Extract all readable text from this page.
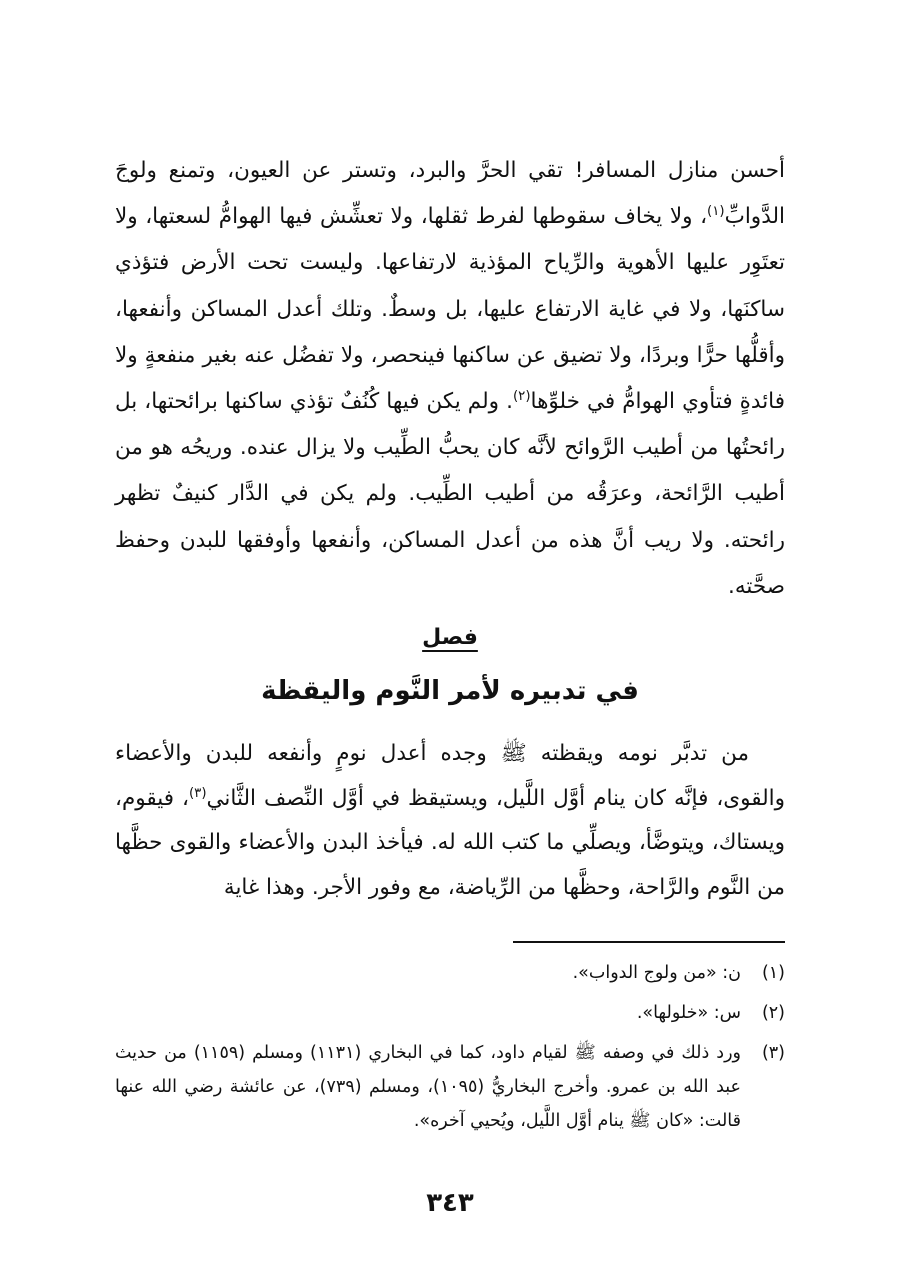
أحسن منازل المسافر! تقي الحرَّ والبرد، وتستر عن العيون، وتمنع ولوجَ الدَّوابِّ$^{(١)}$، ولا يخاف سقوطها لفرط ثقلها، ولا تعشِّش فيها الهوامُّ لسعتها، ولا تعتَوِر عليها الأهوية والرِّياح المؤذية لارتفاعها. وليست تحت الأرض فتؤذي ساكنَها، ولا في غاية الارتفاع عليها، بل وسطٌ. وتلك أعدل المساكن وأنفعها، وأقلُّها حرًّا وبردًا، ولا تضيق عن ساكنها فينحصر، ولا تفضُل عنه بغير منفعةٍ ولا فائدةٍ فتأوي الهوامُّ في خلوِّها$^{(٢)}$. ولم يكن فيها كُنُفٌ تؤذي ساكنها برائحتها، بل رائحتُها من أطيب الرَّوائح لأنَّه كان يحبُّ الطِّيب ولا يزال عنده. وريحُه هو من أطيب الرَّائحة، وعرَقُه من أطيب الطِّيب. ولم يكن في الدَّار كنيفٌ تظهر رائحته. ولا ريب أنَّ هذه من أعدل المساكن، وأنفعها وأوفقها للبدن وحفظ صحَّته.

فصل
في تدبيره لأمر النَّوم واليقظة

من تدبَّر نومه ويقظته ﷺ وجده أعدل نومٍ وأنفعه للبدن والأعضاء والقوى، فإنَّه كان ينام أوَّل اللَّيل، ويستيقظ في أوَّل النِّصف الثَّاني$^{(٣)}$، فيقوم، ويستاك، ويتوضَّأ، ويصلِّي ما كتب الله له. فيأخذ البدن والأعضاء والقوى حظَّها من النَّوم والرَّاحة، وحظَّها من الرِّياضة، مع وفور الأجر. وهذا غاية

(١)
ن: «من ولوج الدواب».
(٢)
س: «خلولها».
(٣)
ورد ذلك في وصفه ﷺ لقيام داود، كما في البخاري (١١٣١) ومسلم (١١٥٩) من حديث عبد الله بن عمرو. وأخرج البخاريُّ (١٠٩٥)، ومسلم (٧٣٩)، عن عائشة رضي الله عنها قالت: «كان ﷺ ينام أوَّل اللَّيل، ويُحيي آخره».
٣٤٣
